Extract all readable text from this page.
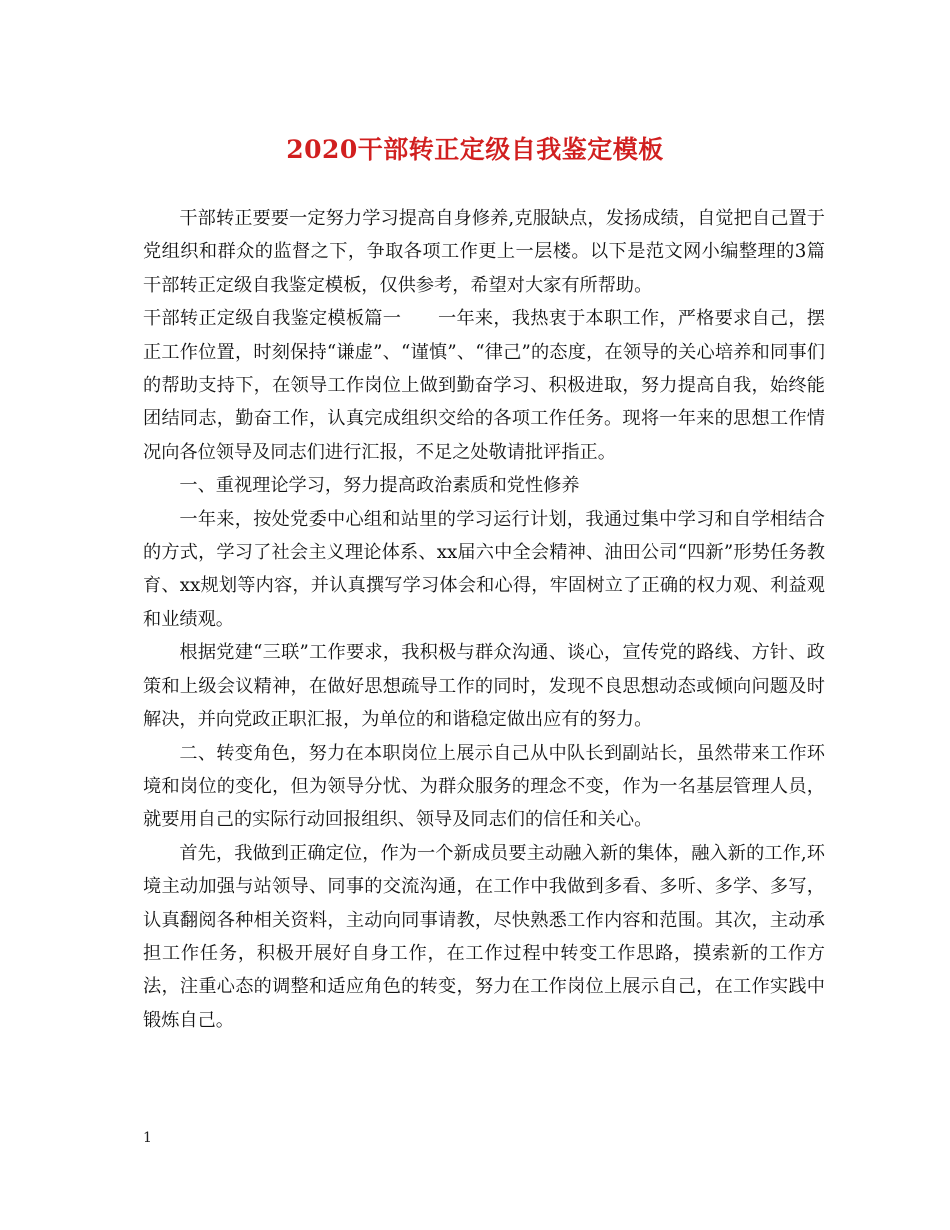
2020干部转正定级自我鉴定模板

干部转正要要一定努力学习提高自身修养,克服缺点，发扬成绩，自觉把自己置于党组织和群众的监督之下，争取各项工作更上一层楼。以下是范文网小编整理的3篇干部转正定级自我鉴定模板，仅供参考，希望对大家有所帮助。

干部转正定级自我鉴定模板篇一　　一年来，我热衷于本职工作，严格要求自己，摆正工作位置，时刻保持“谦虚”、“谨慎”、“律己”的态度，在领导的关心培养和同事们的帮助支持下，在领导工作岗位上做到勤奋学习、积极进取，努力提高自我，始终能团结同志，勤奋工作，认真完成组织交给的各项工作任务。现将一年来的思想工作情况向各位领导及同志们进行汇报，不足之处敬请批评指正。

一、重视理论学习，努力提高政治素质和党性修养

一年来，按处党委中心组和站里的学习运行计划，我通过集中学习和自学相结合的方式，学习了社会主义理论体系、xx届六中全会精神、油田公司“四新”形势任务教育、xx规划等内容，并认真撰写学习体会和心得，牢固树立了正确的权力观、利益观和业绩观。

根据党建“三联”工作要求，我积极与群众沟通、谈心，宣传党的路线、方针、政策和上级会议精神，在做好思想疏导工作的同时，发现不良思想动态或倾向问题及时解决，并向党政正职汇报，为单位的和谐稳定做出应有的努力。

二、转变角色，努力在本职岗位上展示自己从中队长到副站长，虽然带来工作环境和岗位的变化，但为领导分忧、为群众服务的理念不变，作为一名基层管理人员，就要用自己的实际行动回报组织、领导及同志们的信任和关心。

首先，我做到正确定位，作为一个新成员要主动融入新的集体，融入新的工作,环境主动加强与站领导、同事的交流沟通，在工作中我做到多看、多听、多学、多写，认真翻阅各种相关资料，主动向同事请教，尽快熟悉工作内容和范围。其次，主动承担工作任务，积极开展好自身工作，在工作过程中转变工作思路，摸索新的工作方法，注重心态的调整和适应角色的转变，努力在工作岗位上展示自己，在工作实践中锻炼自己。

1
